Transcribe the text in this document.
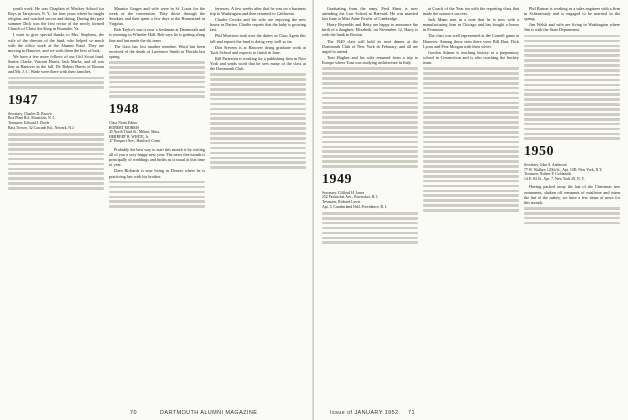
youth work. He was Chaplain of Mackey School for Boys in Tarrytown, N. Y., for four years where he taught religion, and coached soccer and skiing. During this past summer Dick was the first rector of the newly formed Church of Christ the King in Roanoke, Va.

I want to give special thanks to Mrs. Stephens, the wife of the director of the fund, who helped so much with the office work at the Alumni Fund. They are moving to Hanover, and we wish them the best of luck.

We have a few more follows of our Girl Scout fund, Senior Clarke, Vincent Harris, Jack Marks, and all was fine at Hanover in the fall. Dr. Robert Harris of Boston and Mr. J. C. Wade were there with their families.

1947
Secretary, Charles D. Brown
Box Plant Rd., Montclair, N. J.
Treasurer, Edward J. Boyle
Bass Trower, 32 Cascade Rd., Newark, N.J.

Maurice Gorges and wife were in St. Louis for the week of the convention. They drove through the Smokies and then spent a few days at the Homestead in Virginia.

Bob Taylor's son is now a freshman at Dartmouth and is rooming in Wheeler Hall. Bob says he is getting along fine and has made the ski team.

The class has lost another member. Word has been received of the death of Lawrence Smith in Florida last spring.

1948
Class Notes Editor
ROBERT MORRIS
45 North Third St., Milton, Mass.
HERBERT R. WHITE, Jr.
47 Prospect Ave., Hartford, Conn.

Probably the best way to start this month is by writing all of you a very happy new year. The news this month is principally of weddings and births as is usual at this time of year.

Dave Richards is now living in Denver where he is practicing law with his brother.

ferences. A few weeks after that he was on a business trip to Washington and then returned to California.

Charlie Crooks and his wife are enjoying the new house in Darien. Charlie reports that the baby is growing fast.

Phil Morrison took over the duties as Class Agent this fall and reports the fund is doing very well so far.

Don Stevens is at Hanover doing graduate work at Tuck School and expects to finish in June.

Bill Patterson is working for a publishing firm in New York and sends word that he sees many of the class at the Dartmouth Club.

70	DARTMOUTH ALUMNI MAGAZINE

Graduating from the army, Fred Shaw is now attending the Law School at Harvard. He was married last June to Miss Anne Fowler of Cambridge.

Harry Reynolds and Betty are happy to announce the birth of a daughter, Elizabeth, on November 12. Harry is with the bank in Boston.

The 1949 class will hold its next dinner at the Dartmouth Club of New York in February, and all are urged to attend.

Tom Hughes and his wife returned from a trip to Europe where Tom was studying architecture in Italy.

1949
Secretary, Clifford H. Jones
252 Pawtucket Ave., Pawtucket, R. I.
Treasurer, Richard Lewis
Apt. 5, Cumberland Hall, Providence, R. I.

at Coach of the Year tea with the reporting class that made the season a success.

Jack Mann sent in a note that he is now with a manufacturing firm in Chicago and has bought a house in Evanston.

The class was well represented at the Cornell game at Hanover. Among those seen there were Bill Hart, Dick Lyons and Pete Morgan with their wives.

Gordon Adams is teaching history at a preparatory school in Connecticut and is also coaching the hockey team.

Phil Burton is working as a sales engineer with a firm in Schenectady and is engaged to be married in the spring.

Jim Walsh and wife are living in Washington where Jim is with the State Department.

1950
Secretary, John S. Anderson
77 W. Wallace 120th St., Apt. 10D, New York, N.Y.
Treasurer, Robert F. Goldsmith
14 E. 84 St., Apt. 7, New York 28, N. Y.

Having packed away the last of the Christmas tree ornaments, shaken off remnants of mistletoe and eaten the last of the turkey, we have a few items of news for this month.

Issue of JANUARY 1952 71
